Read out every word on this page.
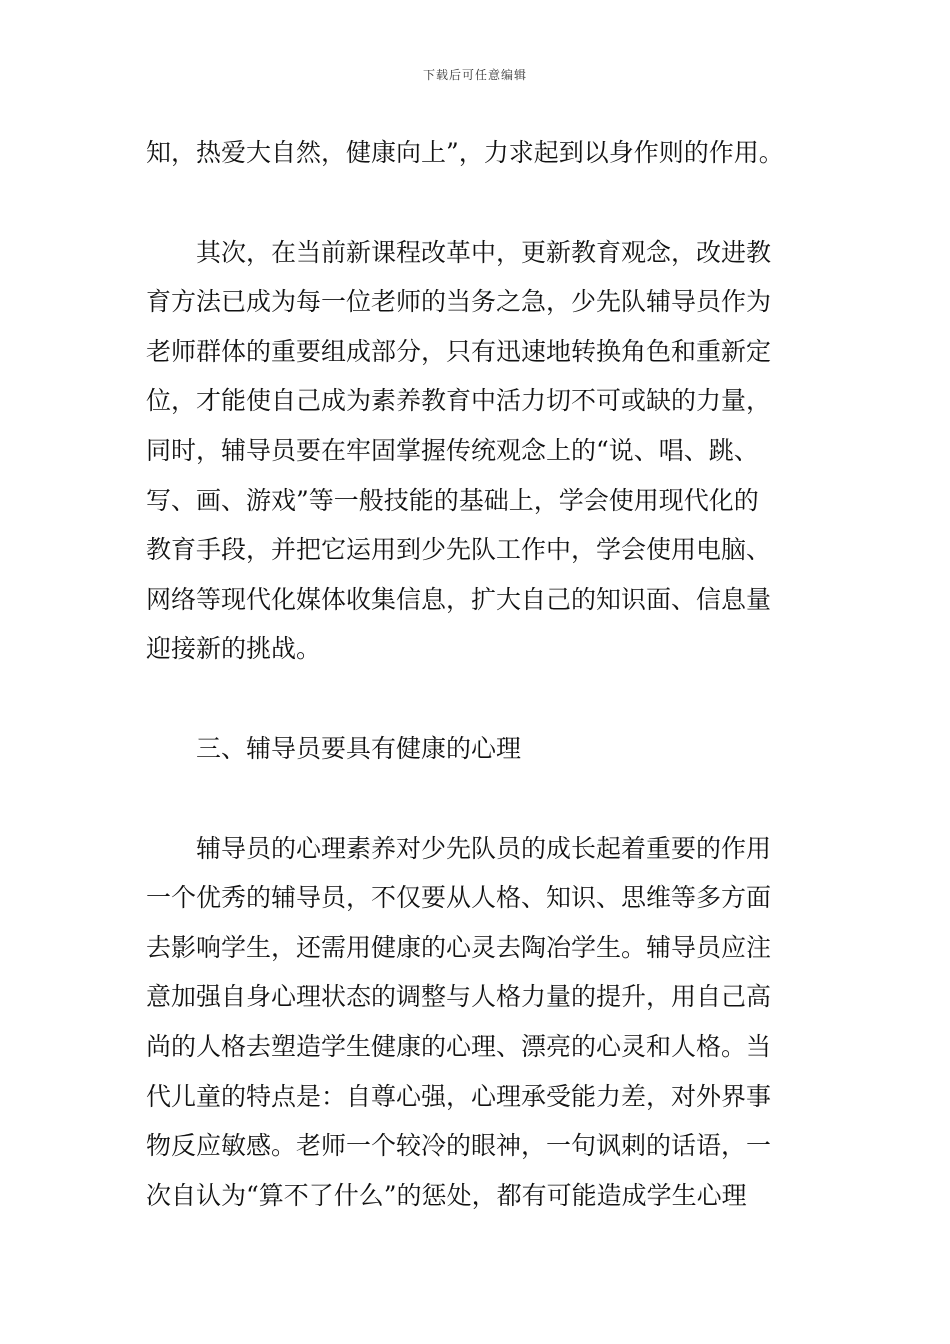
下载后可任意编辑
知，热爱大自然，健康向上”，力求起到以身作则的作用。
其次，在当前新课程改革中，更新教育观念，改进教
育方法已成为每一位老师的当务之急，少先队辅导员作为
老师群体的重要组成部分，只有迅速地转换角色和重新定
位，才能使自己成为素养教育中活力切不可或缺的力量，
同时，辅导员要在牢固掌握传统观念上的“说、唱、跳、
写、画、游戏”等一般技能的基础上，学会使用现代化的
教育手段，并把它运用到少先队工作中，学会使用电脑、
网络等现代化媒体收集信息，扩大自己的知识面、信息量
迎接新的挑战。
三、辅导员要具有健康的心理
辅导员的心理素养对少先队员的成长起着重要的作用
一个优秀的辅导员，不仅要从人格、知识、思维等多方面
去影响学生，还需用健康的心灵去陶冶学生。辅导员应注
意加强自身心理状态的调整与人格力量的提升，用自己高
尚的人格去塑造学生健康的心理、漂亮的心灵和人格。当
代儿童的特点是：自尊心强，心理承受能力差，对外界事
物反应敏感。老师一个较冷的眼神，一句讽刺的话语，一
次自认为“算不了什么”的惩处，都有可能造成学生心理
